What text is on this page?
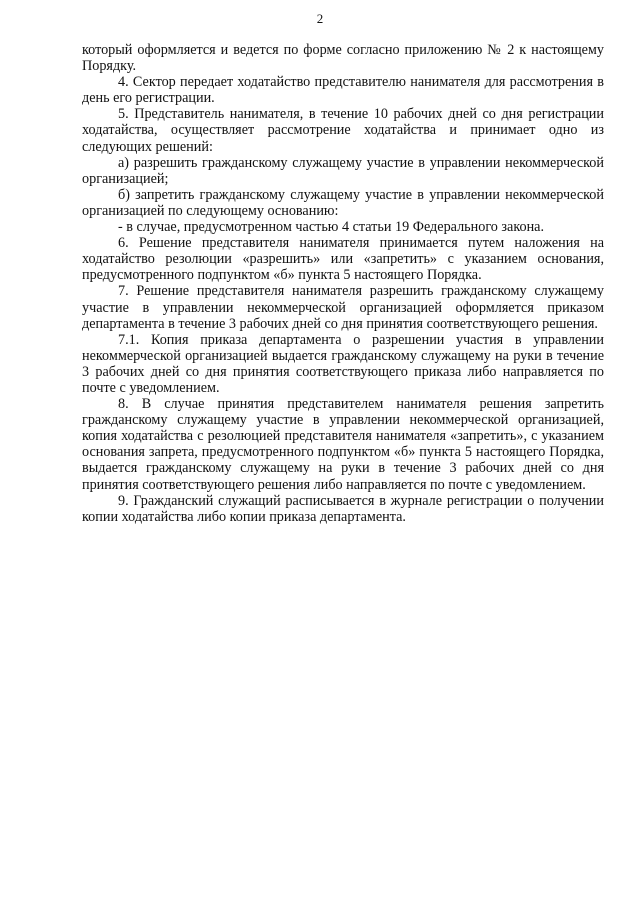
2

который оформляется и ведется по форме согласно приложению № 2 к настоящему Порядку.

4. Сектор передает ходатайство представителю нанимателя для рассмотрения в день его регистрации.

5. Представитель нанимателя, в течение 10 рабочих дней со дня регистрации ходатайства, осуществляет рассмотрение ходатайства и принимает одно из следующих решений:

а) разрешить гражданскому служащему участие в управлении некоммерческой организацией;

б) запретить гражданскому служащему участие в управлении некоммерческой организацией по следующему основанию:

- в случае, предусмотренном частью 4 статьи 19 Федерального закона.

6. Решение представителя нанимателя принимается путем наложения на ходатайство резолюции «разрешить» или «запретить» с указанием основания, предусмотренного подпунктом «б» пункта 5 настоящего Порядка.

7. Решение представителя нанимателя разрешить гражданскому служащему участие в управлении некоммерческой организацией оформляется приказом департамента в течение 3 рабочих дней со дня принятия соответствующего решения.

7.1. Копия приказа департамента о разрешении участия в управлении некоммерческой организацией выдается гражданскому служащему на руки в течение 3 рабочих дней со дня принятия соответствующего приказа либо направляется по почте с уведомлением.

8. В случае принятия представителем нанимателя решения запретить гражданскому служащему участие в управлении некоммерческой организацией, копия ходатайства с резолюцией представителя нанимателя «запретить», с указанием основания запрета, предусмотренного подпунктом «б» пункта 5 настоящего Порядка, выдается гражданскому служащему на руки в течение 3 рабочих дней со дня принятия соответствующего решения либо направляется по почте с уведомлением.

9. Гражданский служащий расписывается в журнале регистрации о получении копии ходатайства либо копии приказа департамента.
